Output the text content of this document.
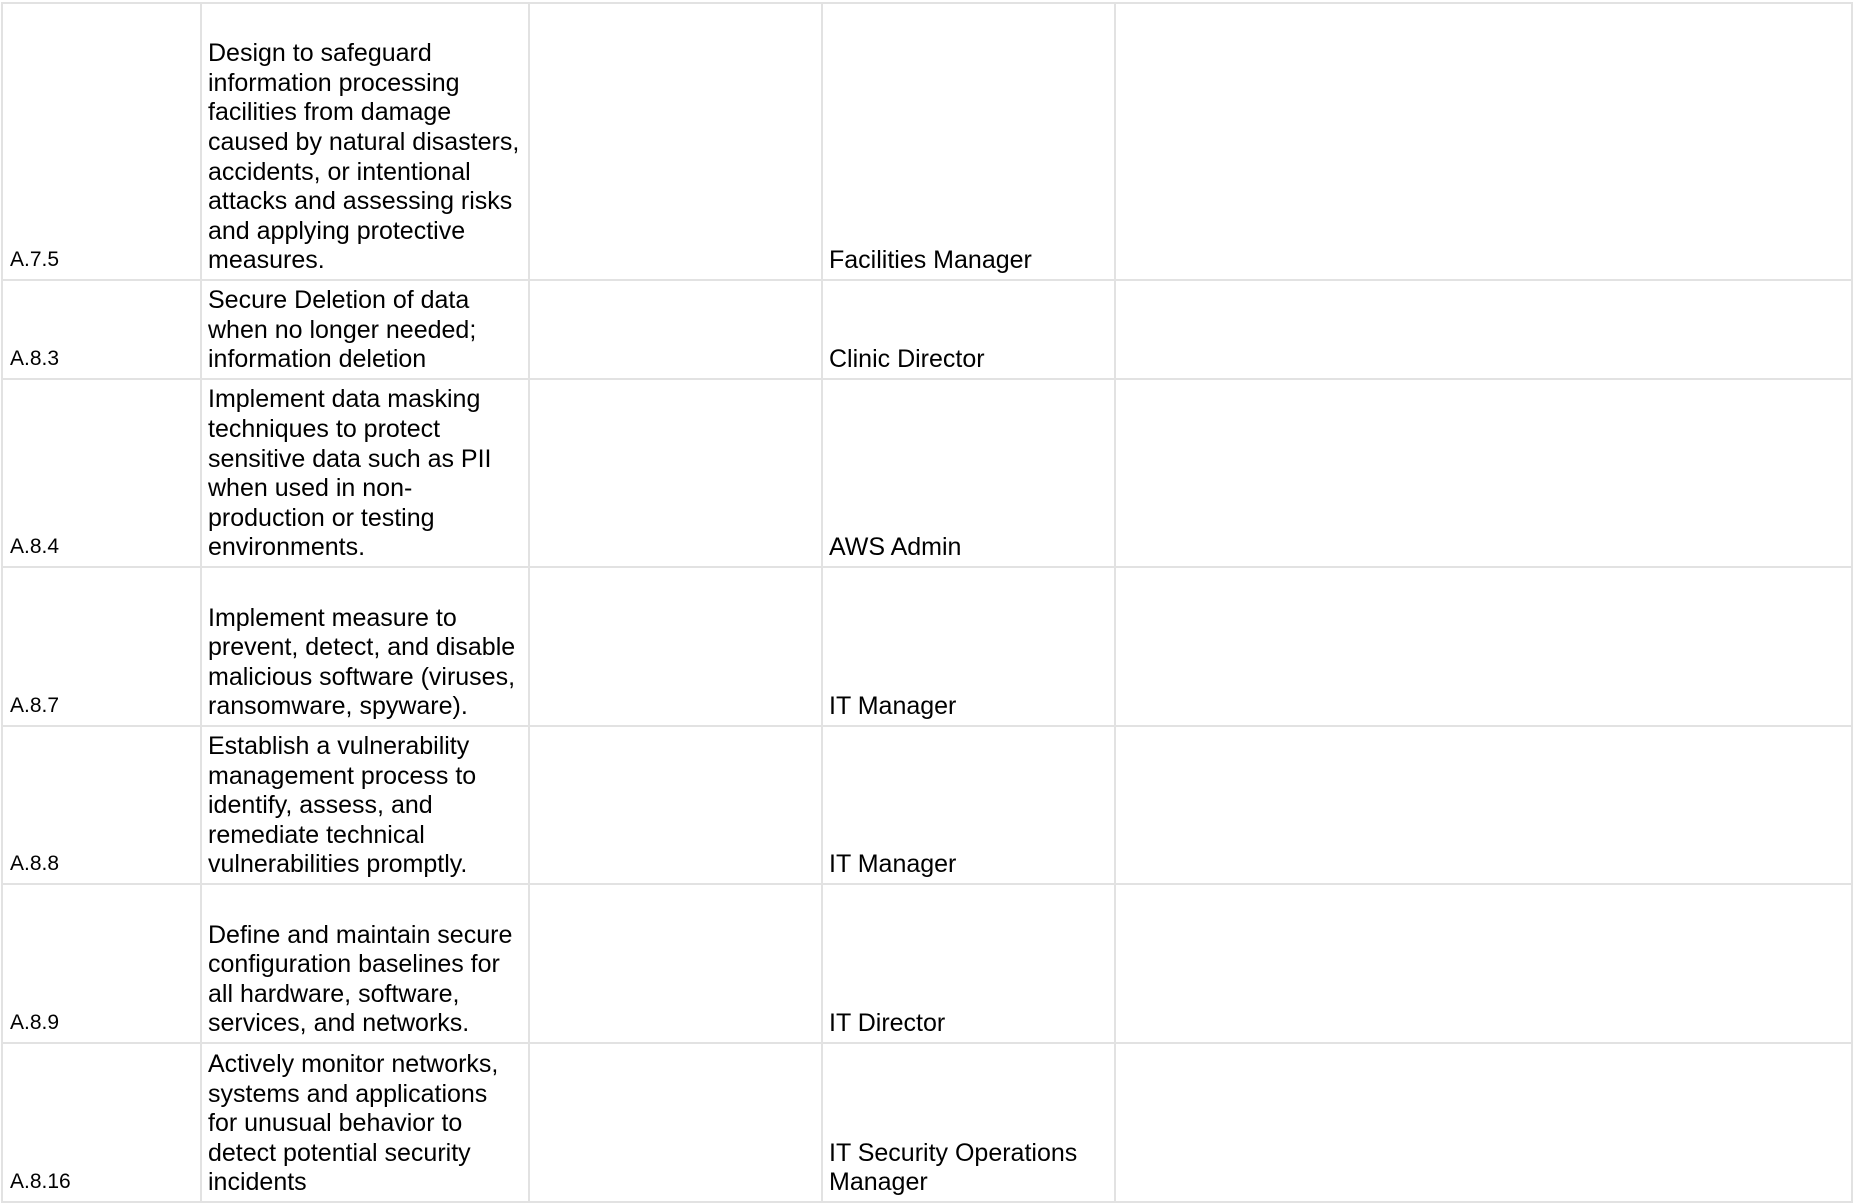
A.7.5	Design to safeguard information processing facilities from damage caused by natural disasters, accidents, or intentional attacks and assessing risks and applying protective measures.		Facilities Manager	
A.8.3	Secure Deletion of data when no longer needed; information deletion		Clinic Director	
A.8.4	Implement data masking techniques to protect sensitive data such as PII when used in non-production or testing environments.		AWS Admin	
A.8.7	Implement measure to prevent, detect, and disable malicious software (viruses, ransomware, spyware).		IT Manager	
A.8.8	Establish a vulnerability management process to identify, assess, and remediate technical vulnerabilities promptly.		IT Manager	
A.8.9	Define and maintain secure configuration baselines for all hardware, software, services, and networks.		IT Director	
A.8.16	Actively monitor networks, systems and applications for unusual behavior to detect potential security incidents		IT Security Operations Manager	
